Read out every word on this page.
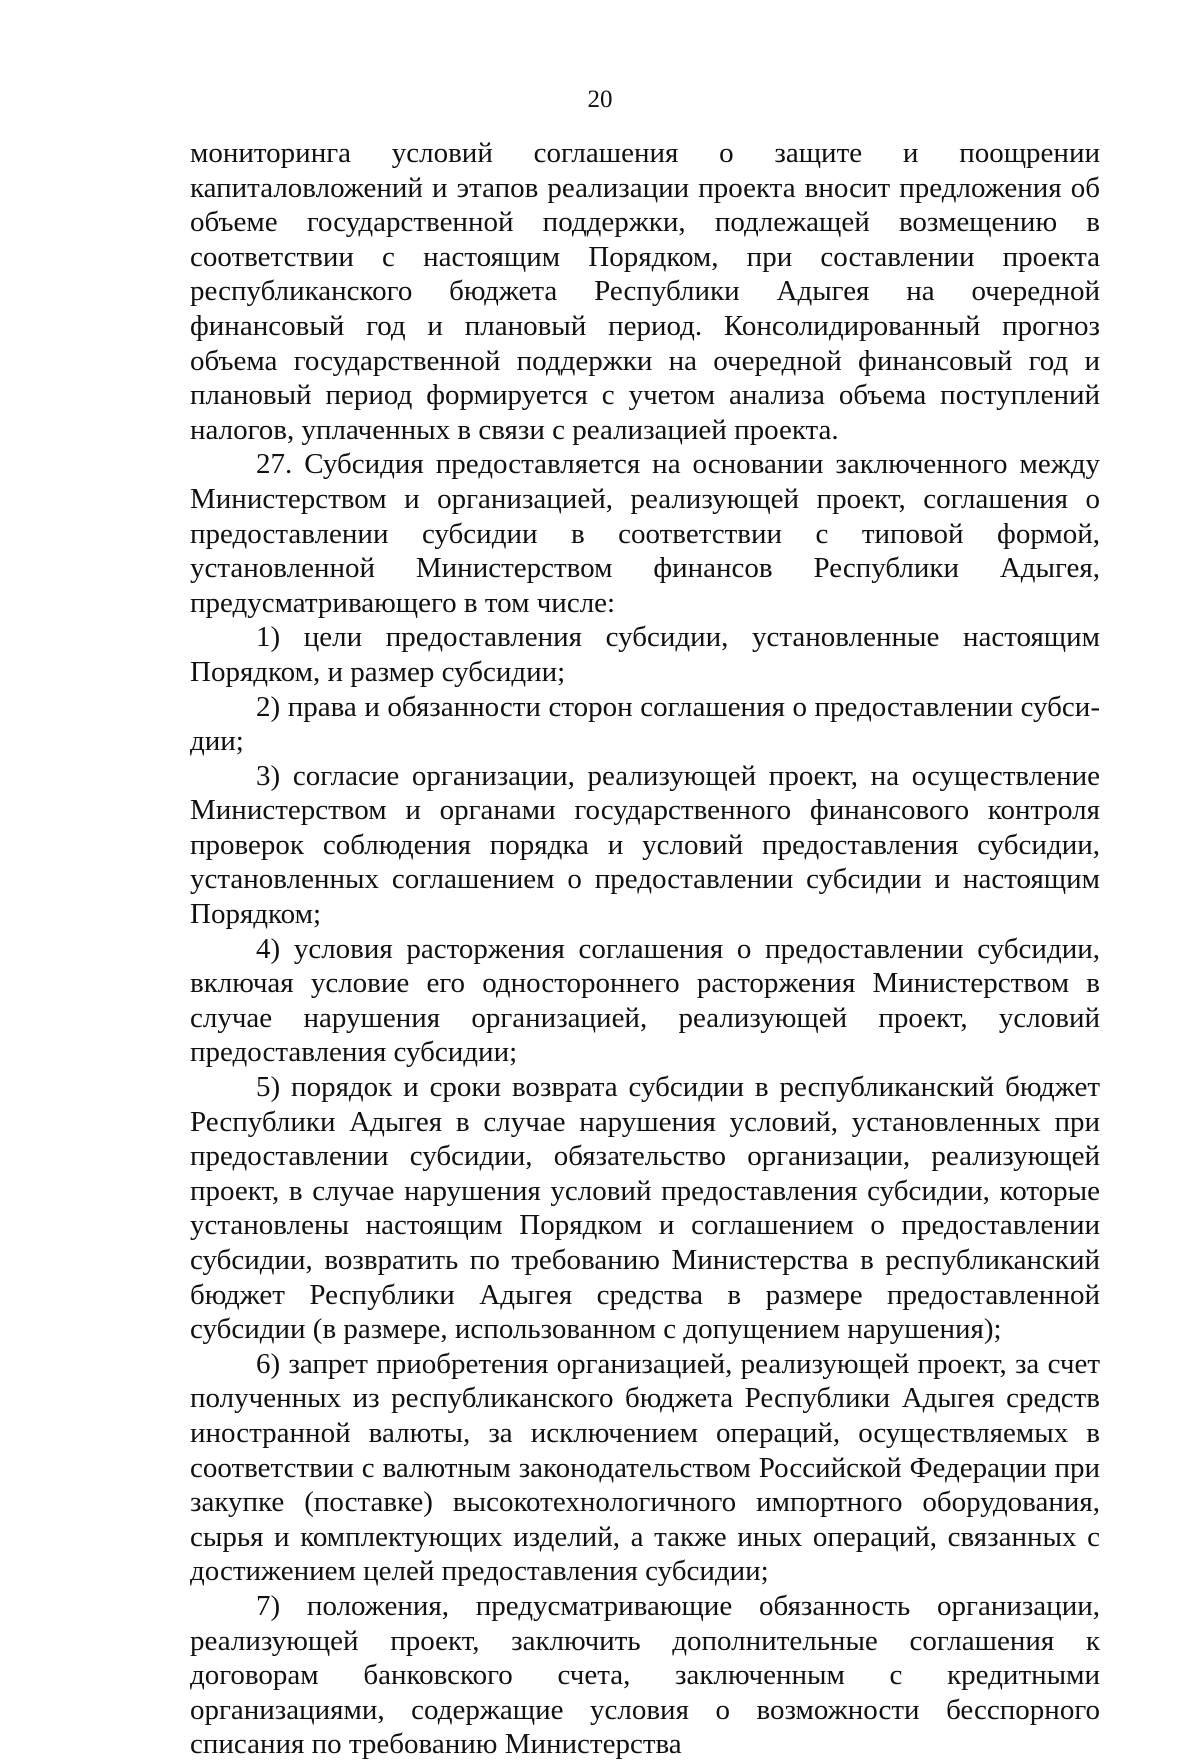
20

мониторинга условий соглашения о защите и поощрении капиталовложений и этапов реализации проекта вносит предложения об объеме государственной поддержки, подлежащей возмещению в соответствии с настоящим Порядком, при составлении проекта республиканского бюджета Республики Адыгея на очередной финансовый год и плановый период. Консолидированный прогноз объема государственной поддержки на очередной финансовый год и плановый период формируется с учетом анализа объема поступлений налогов, уплаченных в связи с реализацией проекта.

27. Субсидия предоставляется на основании заключенного между Министерством и организацией, реализующей проект, соглашения о предоставлении субсидии в соответствии с типовой формой, установленной Министерством финансов Республики Адыгея, предусматривающего в том числе:

1) цели предоставления субсидии, установленные настоящим Порядком, и размер субсидии;

2) права и обязанности сторон соглашения о предоставлении субсидии;

3) согласие организации, реализующей проект, на осуществление Министерством и органами государственного финансового контроля проверок соблюдения порядка и условий предоставления субсидии, установленных соглашением о предоставлении субсидии и настоящим Порядком;

4) условия расторжения соглашения о предоставлении субсидии, включая условие его одностороннего расторжения Министерством в случае нарушения организацией, реализующей проект, условий предоставления субсидии;

5) порядок и сроки возврата субсидии в республиканский бюджет Республики Адыгея в случае нарушения условий, установленных при предоставлении субсидии, обязательство организации, реализующей проект, в случае нарушения условий предоставления субсидии, которые установлены настоящим Порядком и соглашением о предоставлении субсидии, возвратить по требованию Министерства в республиканский бюджет Республики Адыгея средства в размере предоставленной субсидии (в размере, использованном с допущением нарушения);

6) запрет приобретения организацией, реализующей проект, за счет полученных из республиканского бюджета Республики Адыгея средств иностранной валюты, за исключением операций, осуществляемых в соответствии с валютным законодательством Российской Федерации при закупке (поставке) высокотехнологичного импортного оборудования, сырья и комплектующих изделий, а также иных операций, связанных с достижением целей предоставления субсидии;

7) положения, предусматривающие обязанность организации, реализующей проект, заключить дополнительные соглашения к договорам банковского счета, заключенным с кредитными организациями, содержащие условия о возможности бесспорного списания по требованию Министерства
